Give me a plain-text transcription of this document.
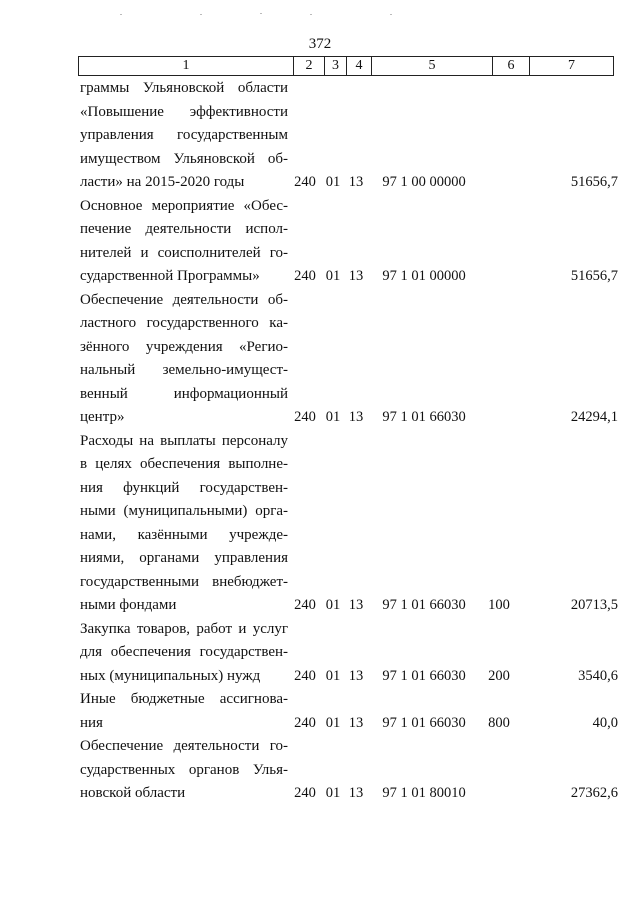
372
1	2	3	4	5	6	7
граммы Ульяновской области
«Повышение эффективности
управления государственным
имуществом Ульяновской об-
ласти» на 2015-2020 годы	240 01 13	97 1 00 00000	51656,7
Основное мероприятие «Обес-
печение деятельности испол-
нителей и соисполнителей го-
сударственной Программы»	240 01 13	97 1 01 00000	51656,7
Обеспечение деятельности об-
ластного государственного ка-
зённого учреждения «Регио-
нальный земельно-имущест-
венный информационный
центр»	240 01 13	97 1 01 66030	24294,1
Расходы на выплаты персоналу
в целях обеспечения выполне-
ния функций государствен-
ными (муниципальными) орга-
нами, казёнными учрежде-
ниями, органами управления
государственными внебюджет-
ными фондами	240 01 13	97 1 01 66030	100	20713,5
Закупка товаров, работ и услуг
для обеспечения государствен-
ных (муниципальных) нужд	240 01 13	97 1 01 66030	200	3540,6
Иные бюджетные ассигнова-
ния	240 01 13	97 1 01 66030	800	40,0
Обеспечение деятельности го-
сударственных органов Улья-
новской области	240 01 13	97 1 01 80010	27362,6
